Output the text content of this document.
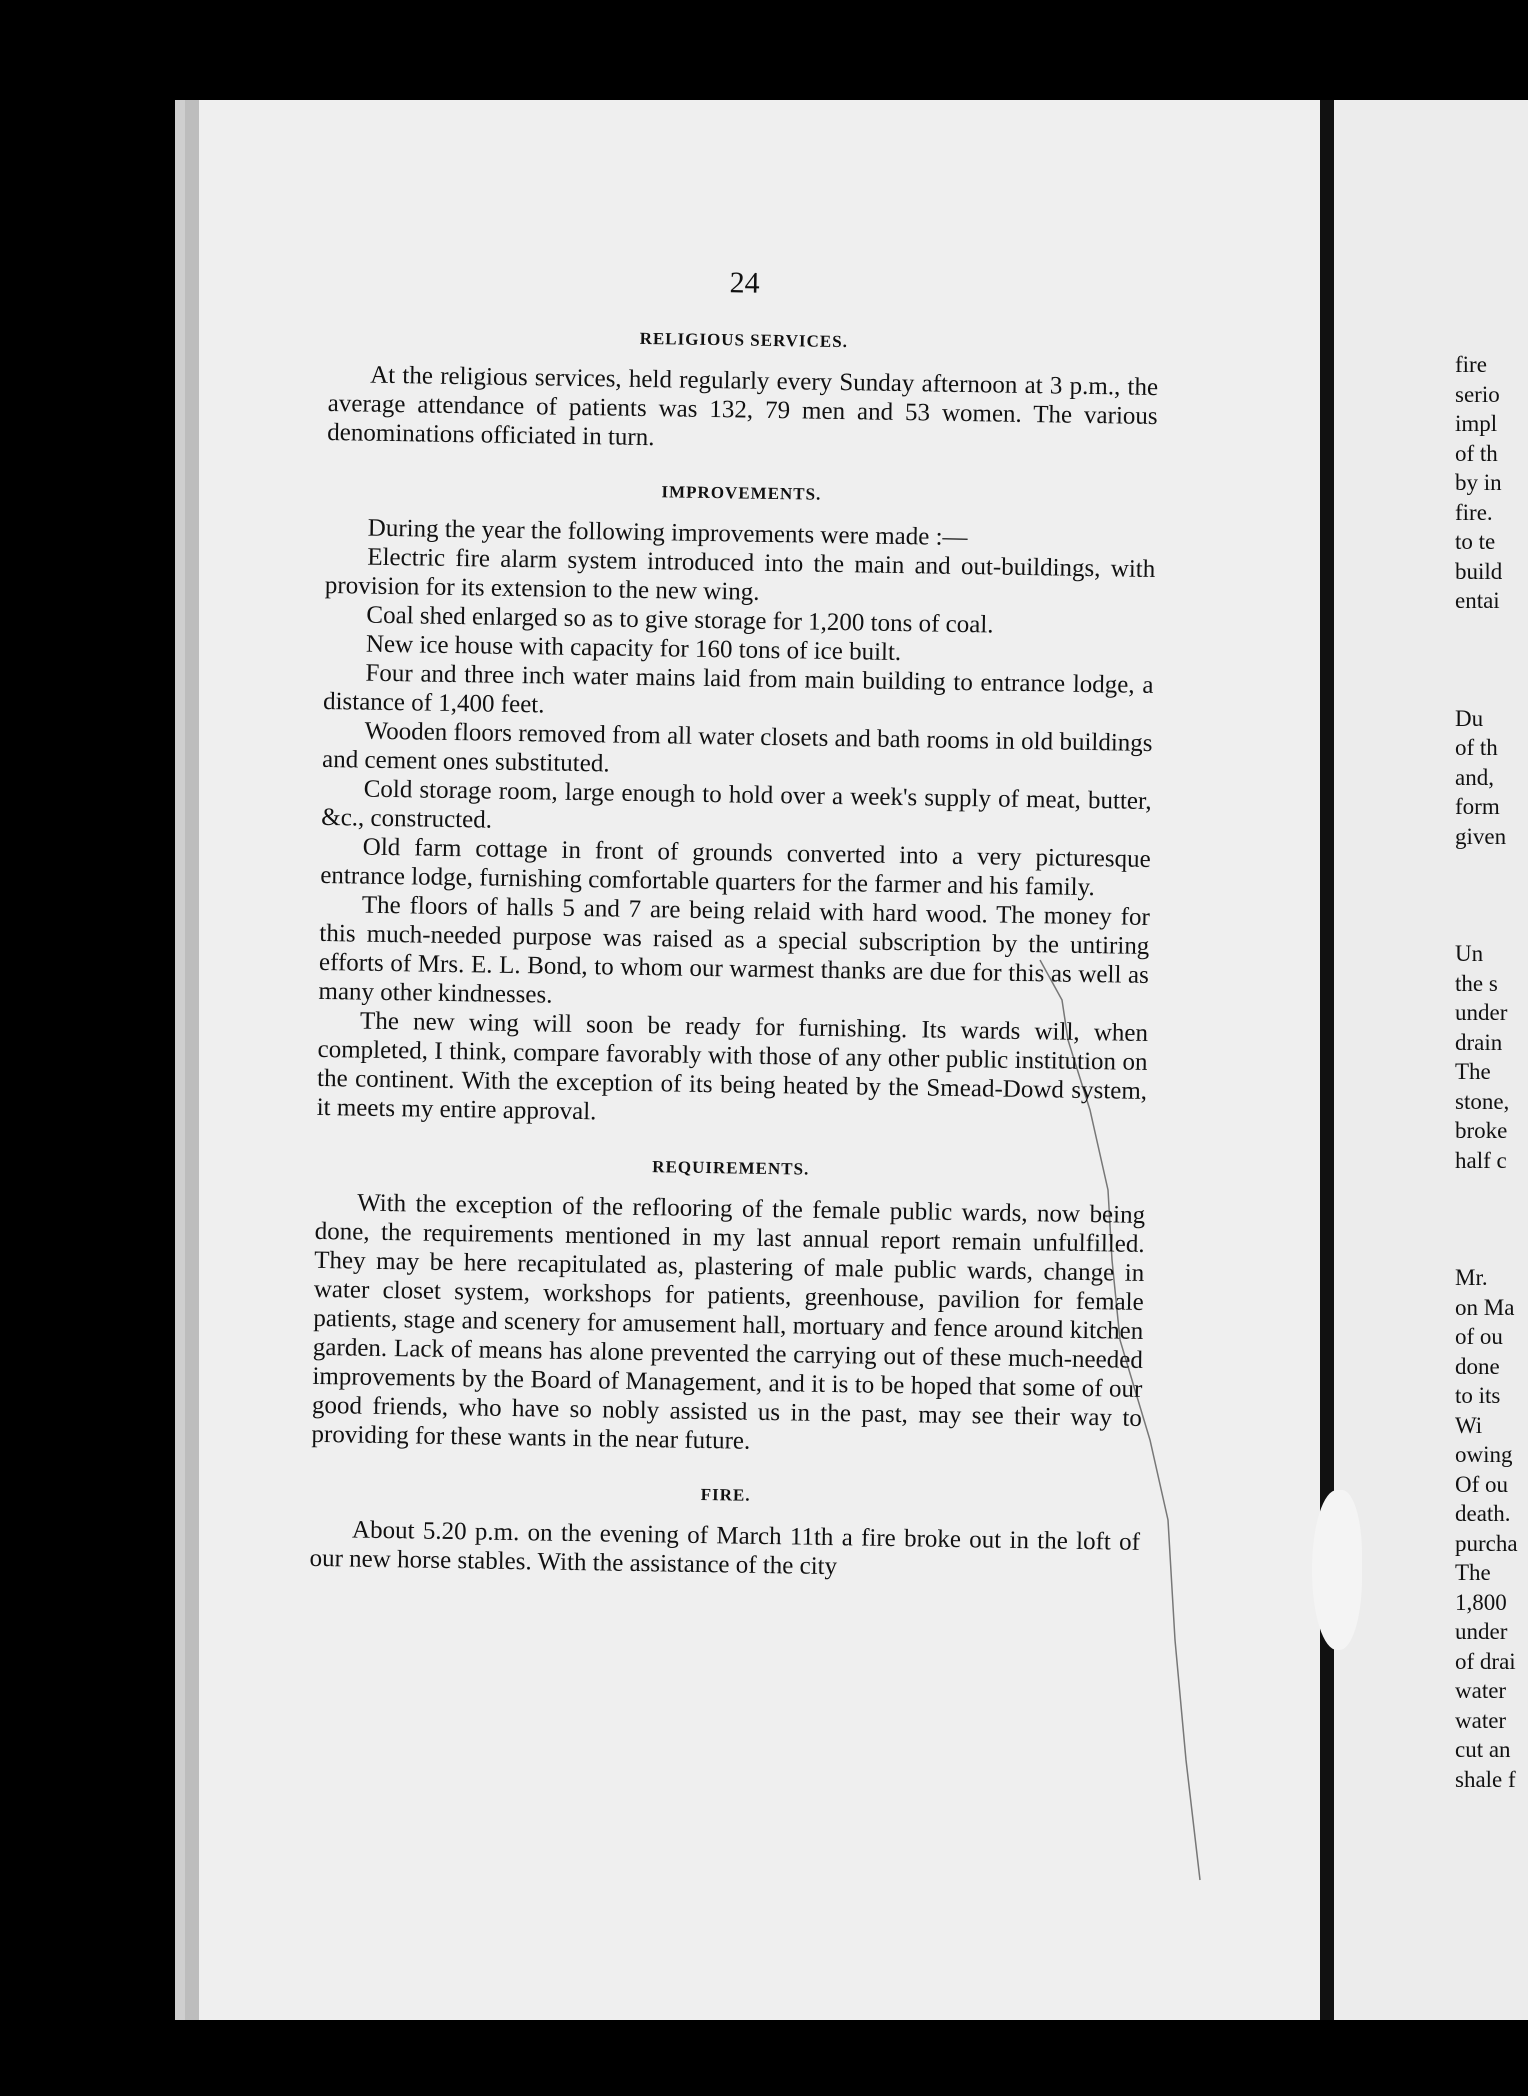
24
RELIGIOUS SERVICES.

At the religious services, held regularly every Sunday afternoon at 3 p.m., the average attendance of patients was 132, 79 men and 53 women. The various denominations officiated in turn.

IMPROVEMENTS.

During the year the following improvements were made :—

Electric fire alarm system introduced into the main and out-buildings, with provision for its extension to the new wing.

Coal shed enlarged so as to give storage for 1,200 tons of coal.

New ice house with capacity for 160 tons of ice built.

Four and three inch water mains laid from main building to entrance lodge, a distance of 1,400 feet.

Wooden floors removed from all water closets and bath rooms in old buildings and cement ones substituted.

Cold storage room, large enough to hold over a week's supply of meat, butter, &c., constructed.

Old farm cottage in front of grounds converted into a very picturesque entrance lodge, furnishing comfortable quarters for the farmer and his family.

The floors of halls 5 and 7 are being relaid with hard wood. The money for this much-needed purpose was raised as a special subscription by the untiring efforts of Mrs. E. L. Bond, to whom our warmest thanks are due for this as well as many other kindnesses.

The new wing will soon be ready for furnishing. Its wards will, when completed, I think, compare favorably with those of any other public institution on the continent. With the exception of its being heated by the Smead-Dowd system, it meets my entire approval.

REQUIREMENTS.

With the exception of the reflooring of the female public wards, now being done, the requirements mentioned in my last annual report remain unfulfilled. They may be here recapitulated as, plastering of male public wards, change in water closet system, workshops for patients, greenhouse, pavilion for female patients, stage and scenery for amusement hall, mortuary and fence around kitchen garden. Lack of means has alone prevented the carrying out of these much-needed improvements by the Board of Management, and it is to be hoped that some of our good friends, who have so nobly assisted us in the past, may see their way to providing for these wants in the near future.

FIRE.

About 5.20 p.m. on the evening of March 11th a fire broke out in the loft of our new horse stables. With the assistance of the city

fire
serio
impl
of th
by in
fire.
to te
build
entai
Du
of th
and,
form
given
Un
the s
under
drain
The
stone,
broke
half c
Mr.
on Ma
of ou
done
to its
Wi
owing
Of ou
death.
purcha
The
1,800
under
of drai
water
water
cut an
shale f
